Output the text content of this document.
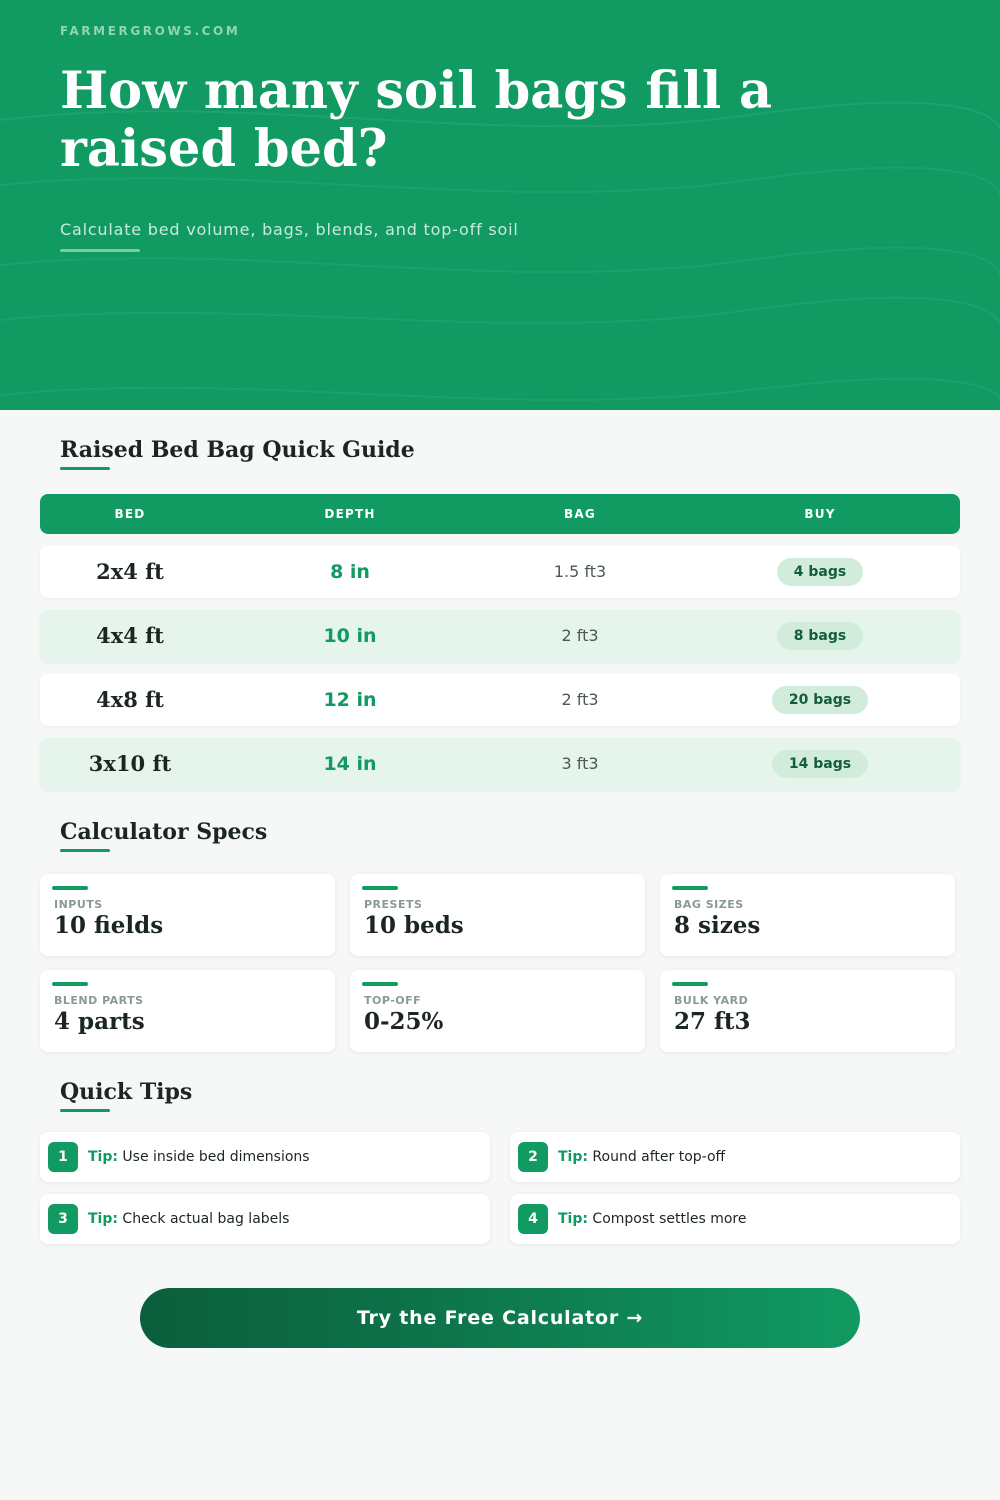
FARMERGROWS.COM
How many soil bags fill a raised bed?
Calculate bed volume, bags, blends, and top-off soil
Raised Bed Bag Quick Guide
BED	DEPTH	BAG	BUY
2x4 ft	8 in	1.5 ft3	4 bags
4x4 ft	10 in	2 ft3	8 bags
4x8 ft	12 in	2 ft3	20 bags
3x10 ft	14 in	3 ft3	14 bags
Calculator Specs
INPUTS
10 fields
PRESETS
10 beds
BAG SIZES
8 sizes
BLEND PARTS
4 parts
TOP-OFF
0-25%
BULK YARD
27 ft3
Quick Tips
1	Tip: Use inside bed dimensions	2	Tip: Round after top-off
3	Tip: Check actual bag labels	4	Tip: Compost settles more
Try the Free Calculator →
